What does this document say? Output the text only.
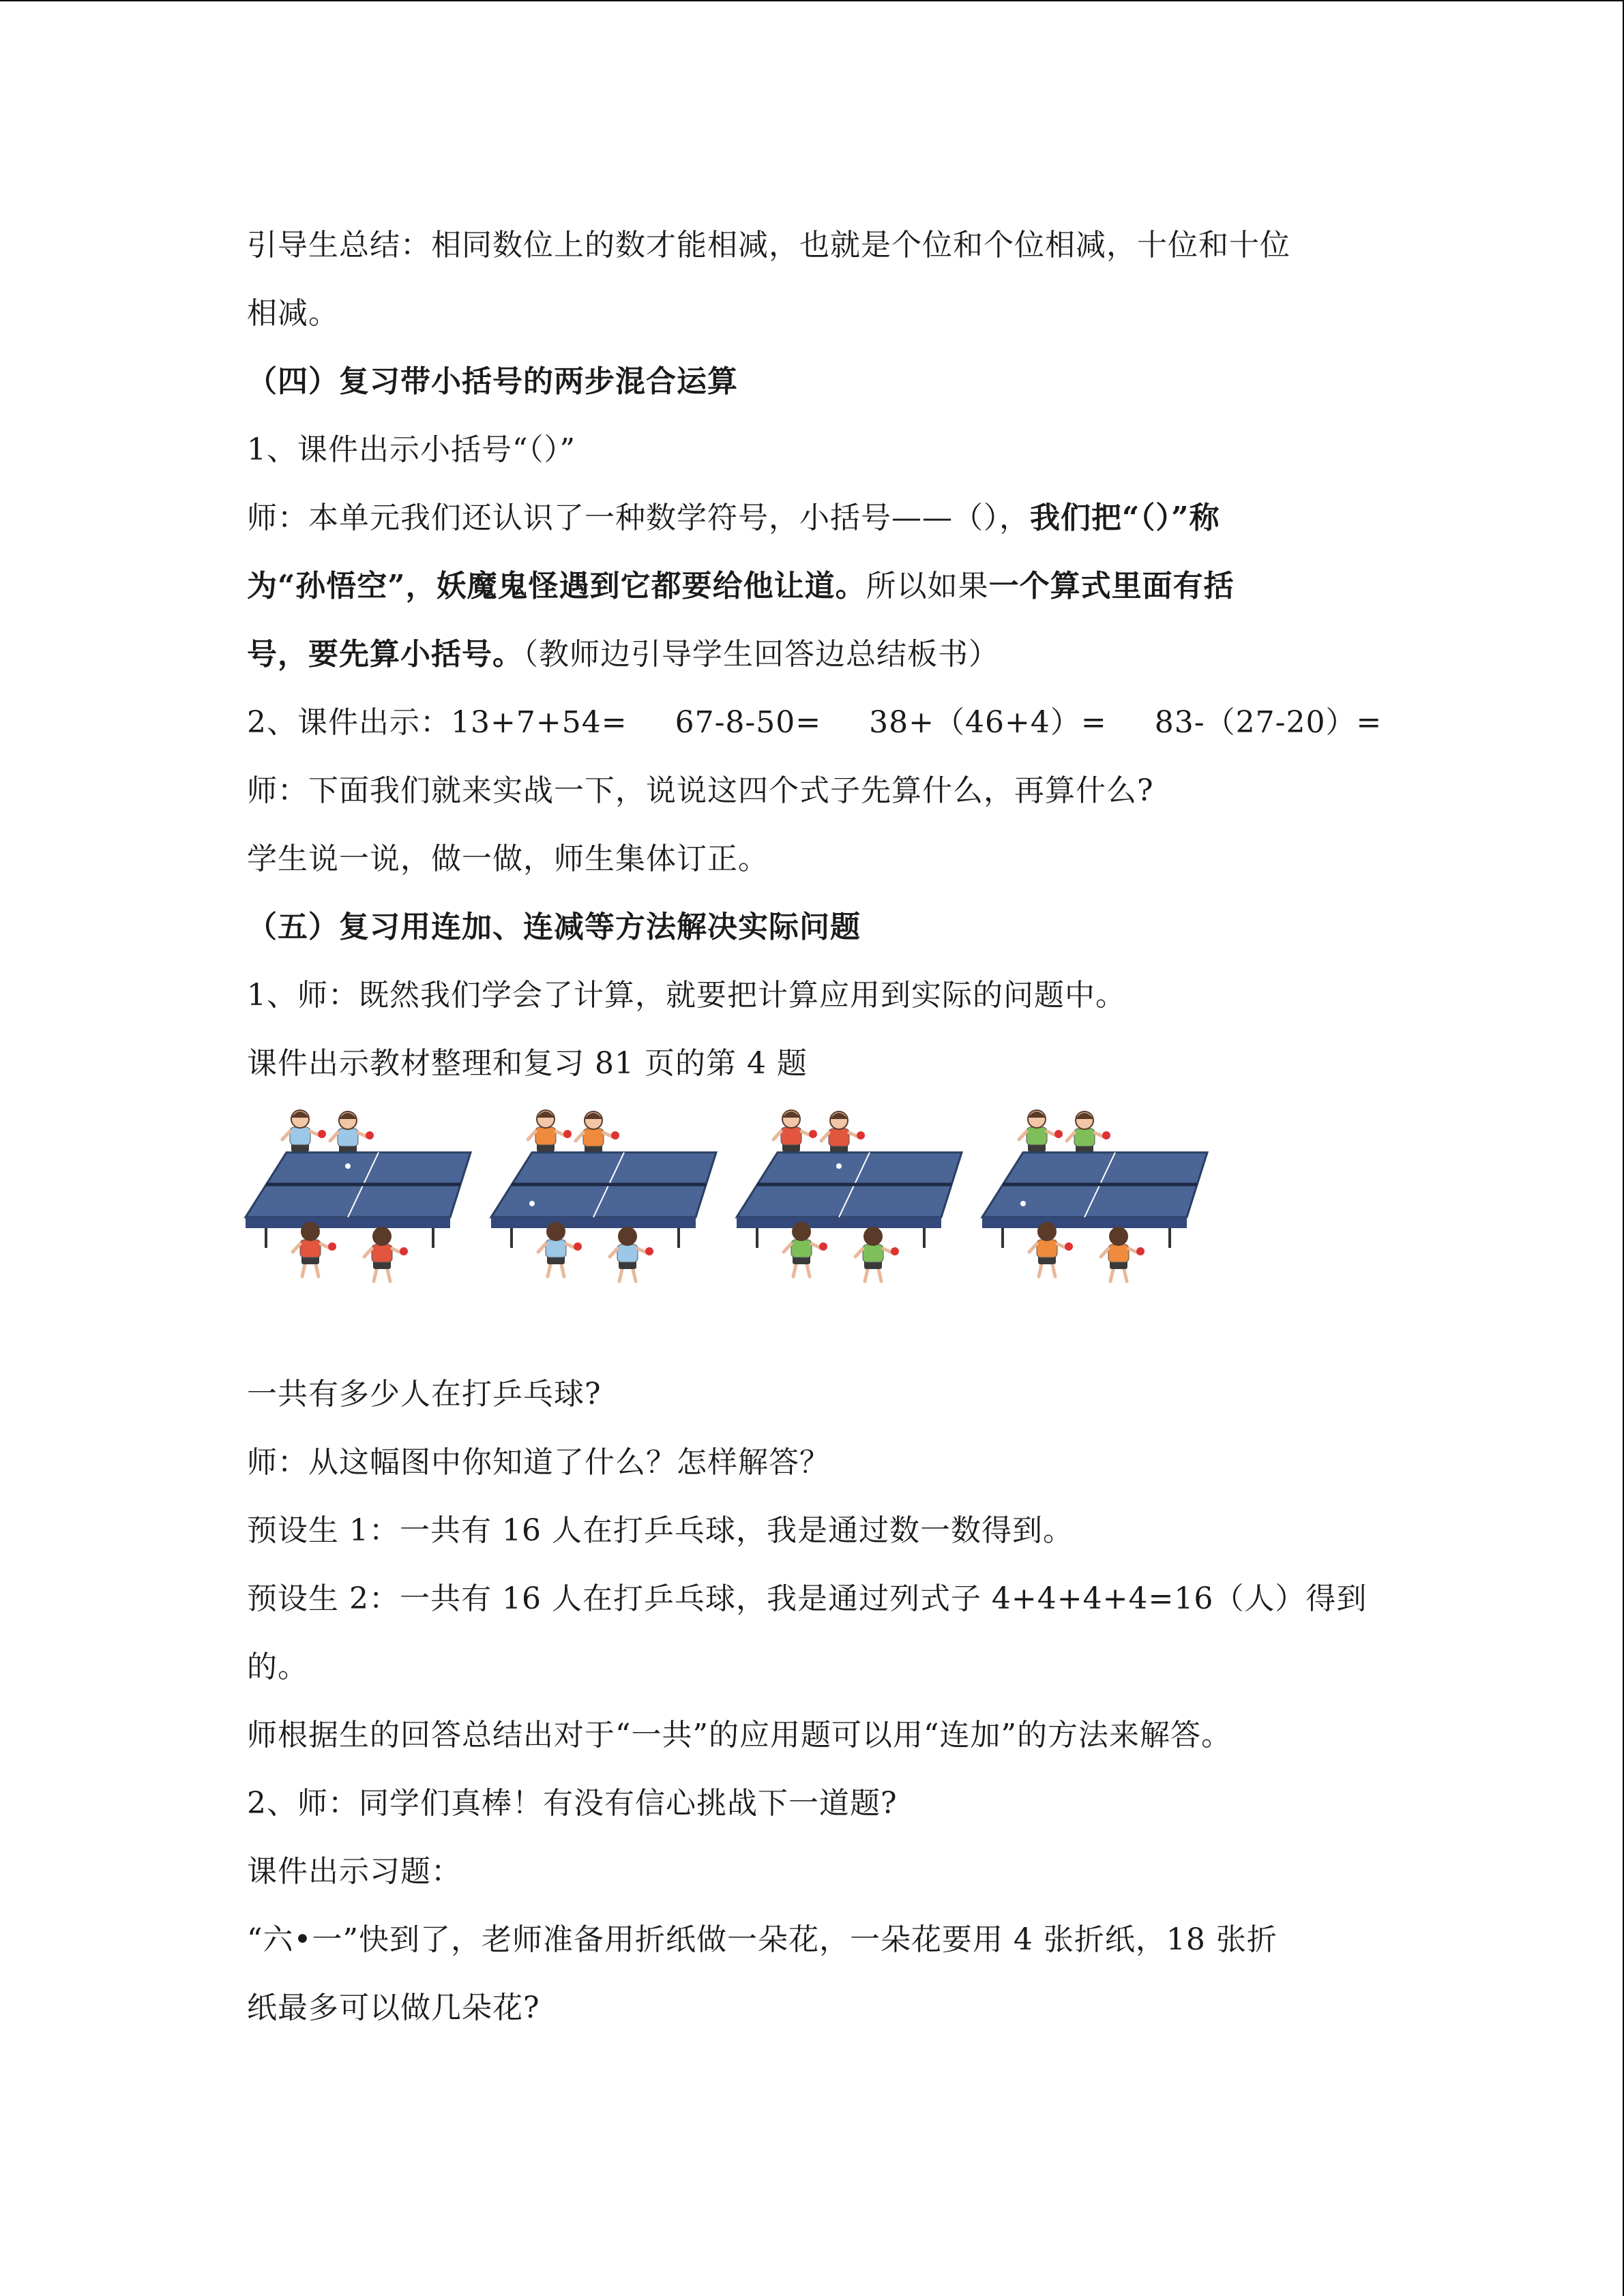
引导生总结：相同数位上的数才能相减，也就是个位和个位相减，十位和十位
相减。
（四）复习带小括号的两步混合运算
1、课件出示小括号“（）”
师：本单元我们还认识了一种数学符号，小括号——（），我们把“（）”称
为“孙悟空”，妖魔鬼怪遇到它都要给他让道。所以如果一个算式里面有括
号，要先算小括号。（教师边引导学生回答边总结板书）
2、课件出示：13+7+54= 67-8-50= 38+（46+4）= 83-（27-20）=
师：下面我们就来实战一下，说说这四个式子先算什么，再算什么?
学生说一说，做一做，师生集体订正。
（五）复习用连加、连减等方法解决实际问题
1、师：既然我们学会了计算，就要把计算应用到实际的问题中。
课件出示教材整理和复习 81 页的第 4 题
一共有多少人在打乒乓球?
师：从这幅图中你知道了什么？怎样解答？
预设生 1：一共有 16 人在打乒乓球，我是通过数一数得到。
预设生 2：一共有 16 人在打乒乓球，我是通过列式子 4+4+4+4=16（人）得到
的。
师根据生的回答总结出对于“一共”的应用题可以用“连加”的方法来解答。
2、师：同学们真棒！有没有信心挑战下一道题?
课件出示习题：
“六•一”快到了，老师准备用折纸做一朵花，一朵花要用 4 张折纸，18 张折
纸最多可以做几朵花?
